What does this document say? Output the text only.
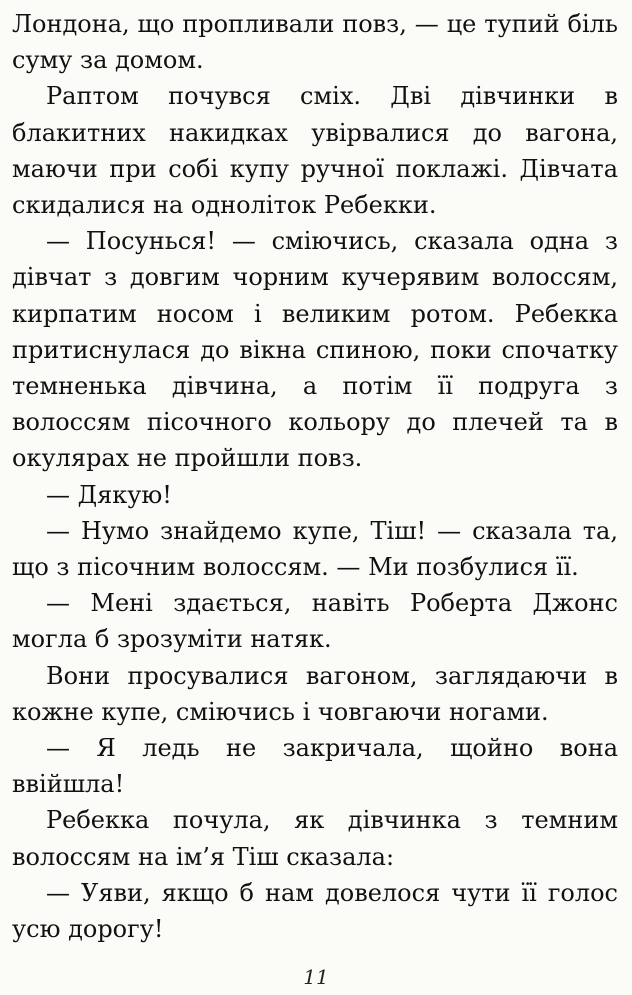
Лондона, що пропливали повз, — це тупий біль суму за домом.

Раптом почувся сміх. Дві дівчинки в блакитних накидках увірвалися до вагона, маючи при собі купу ручної поклажі. Дівчата скидалися на одноліток Ребекки.

— Посунься! — сміючись, сказала одна з дівчат з довгим чорним кучерявим волоссям, кирпатим носом і великим ротом. Ребекка притиснулася до вікна спиною, поки спочатку темненька дівчина, а потім її подруга з волоссям пісочного кольору до плечей та в окулярах не пройшли повз.

— Дякую!

— Нумо знайдемо купе, Тіш! — сказала та, що з пісочним волоссям. — Ми позбулися її.

— Мені здається, навіть Роберта Джонс могла б зрозуміти натяк.

Вони просувалися вагоном, заглядаючи в кожне купе, сміючись і човгаючи ногами.

— Я ледь не закричала, щойно вона ввійшла!

Ребекка почула, як дівчинка з темним волоссям на ім’я Тіш сказала:

— Уяви, якщо б нам довелося чути її голос усю дорогу!

11
